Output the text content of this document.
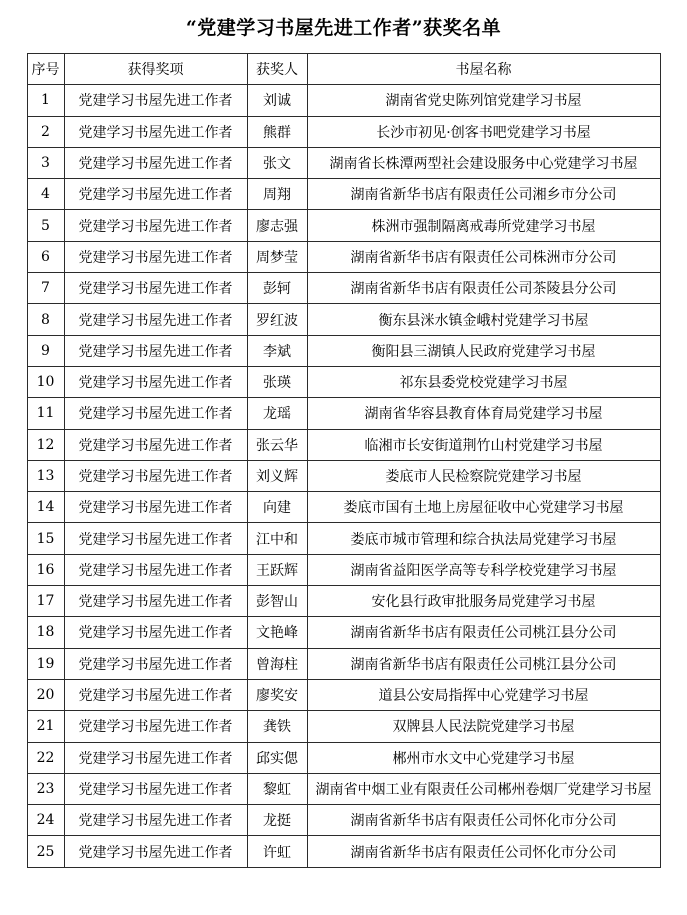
“党建学习书屋先进工作者”获奖名单
序号	获得奖项	获奖人	书屋名称
1	党建学习书屋先进工作者	刘诚	湖南省党史陈列馆党建学习书屋
2	党建学习书屋先进工作者	熊群	长沙市初见·创客书吧党建学习书屋
3	党建学习书屋先进工作者	张文	湖南省长株潭两型社会建设服务中心党建学习书屋
4	党建学习书屋先进工作者	周翔	湖南省新华书店有限责任公司湘乡市分公司
5	党建学习书屋先进工作者	廖志强	株洲市强制隔离戒毒所党建学习书屋
6	党建学习书屋先进工作者	周梦莹	湖南省新华书店有限责任公司株洲市分公司
7	党建学习书屋先进工作者	彭轲	湖南省新华书店有限责任公司茶陵县分公司
8	党建学习书屋先进工作者	罗红波	衡东县洣水镇金峨村党建学习书屋
9	党建学习书屋先进工作者	李斌	衡阳县三湖镇人民政府党建学习书屋
10	党建学习书屋先进工作者	张瑛	祁东县委党校党建学习书屋
11	党建学习书屋先进工作者	龙瑶	湖南省华容县教育体育局党建学习书屋
12	党建学习书屋先进工作者	张云华	临湘市长安街道荆竹山村党建学习书屋
13	党建学习书屋先进工作者	刘义辉	娄底市人民检察院党建学习书屋
14	党建学习书屋先进工作者	向建	娄底市国有土地上房屋征收中心党建学习书屋
15	党建学习书屋先进工作者	江中和	娄底市城市管理和综合执法局党建学习书屋
16	党建学习书屋先进工作者	王跃辉	湖南省益阳医学高等专科学校党建学习书屋
17	党建学习书屋先进工作者	彭智山	安化县行政审批服务局党建学习书屋
18	党建学习书屋先进工作者	文艳峰	湖南省新华书店有限责任公司桃江县分公司
19	党建学习书屋先进工作者	曾海柱	湖南省新华书店有限责任公司桃江县分公司
20	党建学习书屋先进工作者	廖奖安	道县公安局指挥中心党建学习书屋
21	党建学习书屋先进工作者	龚铁	双牌县人民法院党建学习书屋
22	党建学习书屋先进工作者	邱实偲	郴州市水文中心党建学习书屋
23	党建学习书屋先进工作者	黎虹	湖南省中烟工业有限责任公司郴州卷烟厂党建学习书屋
24	党建学习书屋先进工作者	龙挺	湖南省新华书店有限责任公司怀化市分公司
25	党建学习书屋先进工作者	许虹	湖南省新华书店有限责任公司怀化市分公司
